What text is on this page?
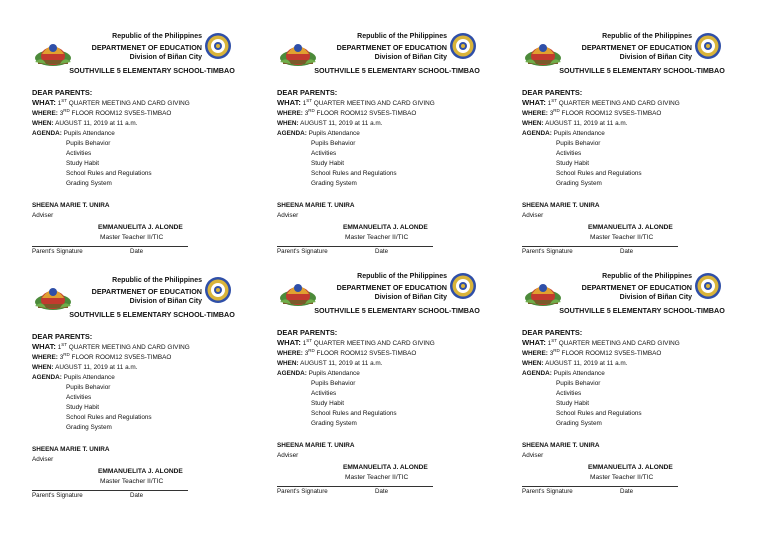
Republic of the Philippines
DEPARTMENET OF EDUCATION
Division of Biñan City
SOUTHVILLE 5 ELEMENTARY SCHOOL-TIMBAO
DEAR PARENTS:
WHAT: 1ST QUARTER MEETING AND CARD GIVING
WHERE: 3RD FLOOR ROOM12 SV5ES-TIMBAO
WHEN: AUGUST 11, 2019 at 11 a.m.
AGENDA: Pupils Attendance
Pupils Behavior
Activities
Study Habit
School Rules and Regulations
Grading System
SHEENA MARIE T. UNIRA
Adviser
EMMANUELITA J. ALONDE
Master Teacher II/TIC
Parent's Signature	Date
Republic of the Philippines
DEPARTMENET OF EDUCATION
Division of Biñan City
SOUTHVILLE 5 ELEMENTARY SCHOOL-TIMBAO
DEAR PARENTS:
WHAT: 1ST QUARTER MEETING AND CARD GIVING
WHERE: 3RD FLOOR ROOM12 SV5ES-TIMBAO
WHEN: AUGUST 11, 2019 at 11 a.m.
AGENDA: Pupils Attendance
Pupils Behavior
Activities
Study Habit
School Rules and Regulations
Grading System
SHEENA MARIE T. UNIRA
Adviser
EMMANUELITA J. ALONDE
Master Teacher II/TIC
Parent's Signature	Date
Republic of the Philippines
DEPARTMENET OF EDUCATION
Division of Biñan City
SOUTHVILLE 5 ELEMENTARY SCHOOL-TIMBAO
DEAR PARENTS:
WHAT: 1ST QUARTER MEETING AND CARD GIVING
WHERE: 3RD FLOOR ROOM12 SV5ES-TIMBAO
WHEN: AUGUST 11, 2019 at 11 a.m.
AGENDA: Pupils Attendance
Pupils Behavior
Activities
Study Habit
School Rules and Regulations
Grading System
SHEENA MARIE T. UNIRA
Adviser
EMMANUELITA J. ALONDE
Master Teacher II/TIC
Parent's Signature	Date
Republic of the Philippines
DEPARTMENET OF EDUCATION
Division of Biñan City
SOUTHVILLE 5 ELEMENTARY SCHOOL-TIMBAO
DEAR PARENTS:
WHAT: 1ST QUARTER MEETING AND CARD GIVING
WHERE: 3RD FLOOR ROOM12 SV5ES-TIMBAO
WHEN: AUGUST 11, 2019 at 11 a.m.
AGENDA: Pupils Attendance
Pupils Behavior
Activities
Study Habit
School Rules and Regulations
Grading System
SHEENA MARIE T. UNIRA
Adviser
EMMANUELITA J. ALONDE
Master Teacher II/TIC
Parent's Signature	Date
Republic of the Philippines
DEPARTMENET OF EDUCATION
Division of Biñan City
SOUTHVILLE 5 ELEMENTARY SCHOOL-TIMBAO
DEAR PARENTS:
WHAT: 1ST QUARTER MEETING AND CARD GIVING
WHERE: 3RD FLOOR ROOM12 SV5ES-TIMBAO
WHEN: AUGUST 11, 2019 at 11 a.m.
AGENDA: Pupils Attendance
Pupils Behavior
Activities
Study Habit
School Rules and Regulations
Grading System
SHEENA MARIE T. UNIRA
Adviser
EMMANUELITA J. ALONDE
Master Teacher II/TIC
Parent's Signature	Date
Republic of the Philippines
DEPARTMENET OF EDUCATION
Division of Biñan City
SOUTHVILLE 5 ELEMENTARY SCHOOL-TIMBAO
DEAR PARENTS:
WHAT: 1ST QUARTER MEETING AND CARD GIVING
WHERE: 3RD FLOOR ROOM12 SV5ES-TIMBAO
WHEN: AUGUST 11, 2019 at 11 a.m.
AGENDA: Pupils Attendance
Pupils Behavior
Activities
Study Habit
School Rules and Regulations
Grading System
SHEENA MARIE T. UNIRA
Adviser
EMMANUELITA J. ALONDE
Master Teacher II/TIC
Parent's Signature	Date
